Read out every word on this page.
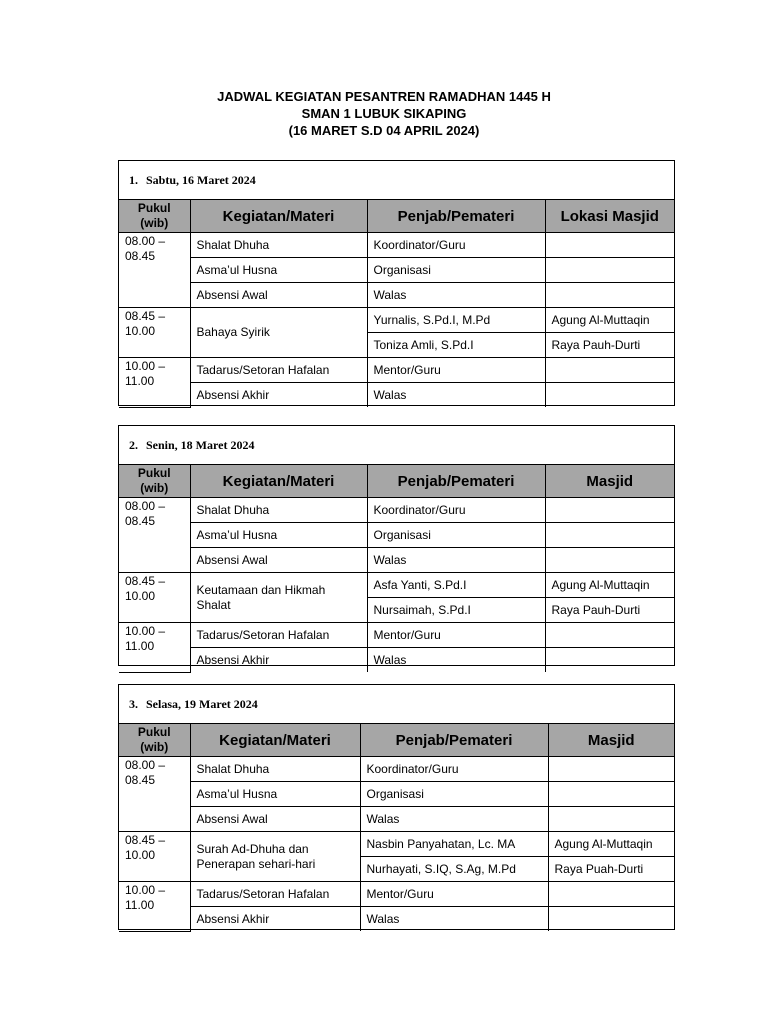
JADWAL KEGIATAN PESANTREN RAMADHAN 1445 H
SMAN 1 LUBUK SIKAPING
(16 MARET S.D 04 APRIL 2024)
1. Sabtu, 16 Maret 2024
Pukul
(wib)	Kegiatan/Materi	Penjab/Pemateri	Lokasi Masjid

08.00 –
08.45	Shalat Dhuha	Koordinator/Guru	
	Asma’ul Husna	Organisasi	
	Absensi Awal	Walas	

08.45 –
10.00	Bahaya Syirik	Yurnalis, S.Pd.I, M.Pd	Agung Al-Muttaqin
		Toniza Amli, S.Pd.I	Raya Pauh-Durti

10.00 –
11.00	Tadarus/Setoran Hafalan	Mentor/Guru	
	Absensi Akhir	Walas	
2. Senin, 18 Maret 2024
Pukul
(wib)	Kegiatan/Materi	Penjab/Pemateri	Masjid

08.00 –
08.45	Shalat Dhuha	Koordinator/Guru	
	Asma’ul Husna	Organisasi	
	Absensi Awal	Walas	

08.45 –
10.00	Keutamaan dan Hikmah Shalat	Asfa Yanti, S.Pd.I	Agung Al-Muttaqin
		Nursaimah, S.Pd.I	Raya Pauh-Durti

10.00 –
11.00	Tadarus/Setoran Hafalan	Mentor/Guru	
	Absensi Akhir	Walas	
3. Selasa, 19 Maret 2024
Pukul
(wib)	Kegiatan/Materi	Penjab/Pemateri	Masjid

08.00 –
08.45	Shalat Dhuha	Koordinator/Guru	
	Asma’ul Husna	Organisasi	
	Absensi Awal	Walas	

08.45 –
10.00	Surah Ad-Dhuha dan Penerapan sehari-hari	Nasbin Panyahatan, Lc. MA	Agung Al-Muttaqin
		Nurhayati, S.IQ, S.Ag, M.Pd	Raya Puah-Durti

10.00 –
11.00	Tadarus/Setoran Hafalan	Mentor/Guru	
	Absensi Akhir	Walas	
